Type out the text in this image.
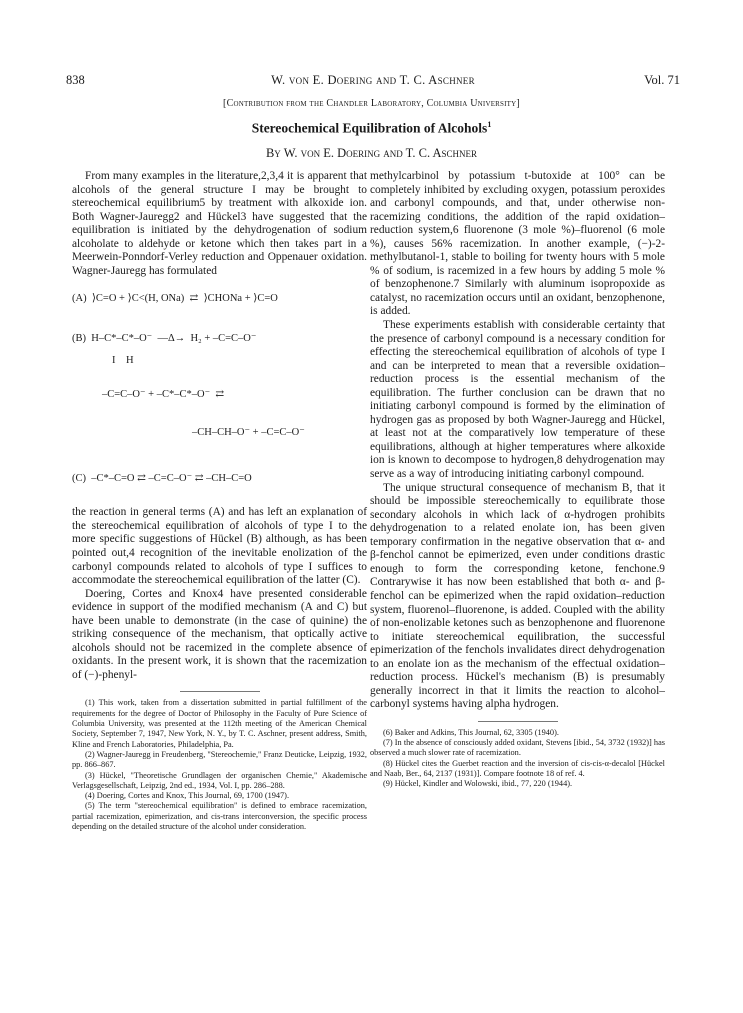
838	W. von E. Doering and T. C. Aschner	Vol. 71
[Contribution from the Chandler Laboratory, Columbia University]
Stereochemical Equilibration of Alcohols$^1$
By W. von E. Doering and T. C. Aschner

From many examples in the literature,2,3,4 it is apparent that alcohols of the general structure I may be brought to stereochemical equilibrium5 by treatment with alkoxide ion. Both Wagner-Jauregg2 and Hückel3 have suggested that the equilibration is initiated by the dehydrogenation of sodium alcoholate to aldehyde or ketone which then takes part in a Meerwein-Ponndorf-Verley reduction and Oppenauer oxidation. Wagner-Jauregg has formulated

(A)  ⟩C=O + ⟩C<(H, ONa)  ⇄  ⟩CHONa + ⟩C=O
(B)  H–C*–C*–O⁻  —Δ→  H₂ + –C=C–O⁻
I    H
–C=C–O⁻ + –C*–C*–O⁻  ⇄
–CH–CH–O⁻ + –C=C–O⁻
(C)  –C*–C=O ⇄ –C=C–O⁻ ⇄ –CH–C=O

the reaction in general terms (A) and has left an explanation of the stereochemical equilibration of alcohols of type I to the more specific suggestions of Hückel (B) although, as has been pointed out,4 recognition of the inevitable enolization of the carbonyl compounds related to alcohols of type I suffices to accommodate the stereochemical equilibration of the latter (C).

Doering, Cortes and Knox4 have presented considerable evidence in support of the modified mechanism (A and C) but have been unable to demonstrate (in the case of quinine) the striking consequence of the mechanism, that optically active alcohols should not be racemized in the complete absence of oxidants. In the present work, it is shown that the racemization of (−)-phenyl-

(1) This work, taken from a dissertation submitted in partial fulfillment of the requirements for the degree of Doctor of Philosophy in the Faculty of Pure Science of Columbia University, was presented at the 112th meeting of the American Chemical Society, September 7, 1947, New York, N. Y., by T. C. Aschner, present address, Smith, Kline and French Laboratories, Philadelphia, Pa.

(2) Wagner-Jauregg in Freudenberg, "Stereochemie," Franz Deuticke, Leipzig, 1932, pp. 866–867.

(3) Hückel, "Theoretische Grundlagen der organischen Chemie," Akademische Verlagsgesellschaft, Leipzig, 2nd ed., 1934, Vol. I, pp. 286–288.

(4) Doering, Cortes and Knox, This Journal, 69, 1700 (1947).

(5) The term "stereochemical equilibration" is defined to embrace racemization, partial racemization, epimerization, and cis-trans interconversion, the specific process depending on the detailed structure of the alcohol under consideration.

methylcarbinol by potassium t-butoxide at 100° can be completely inhibited by excluding oxygen, potassium peroxides and carbonyl compounds, and that, under otherwise non-racemizing conditions, the addition of the rapid oxidation–reduction system,6 fluorenone (3 mole %)–fluorenol (6 mole %), causes 56% racemization. In another example, (−)-2-methylbutanol-1, stable to boiling for twenty hours with 5 mole % of sodium, is racemized in a few hours by adding 5 mole % of benzophenone.7 Similarly with aluminum isopropoxide as catalyst, no racemization occurs until an oxidant, benzophenone, is added.

These experiments establish with considerable certainty that the presence of carbonyl compound is a necessary condition for effecting the stereochemical equilibration of alcohols of type I and can be interpreted to mean that a reversible oxidation–reduction process is the essential mechanism of the equilibration. The further conclusion can be drawn that no initiating carbonyl compound is formed by the elimination of hydrogen gas as proposed by both Wagner-Jauregg and Hückel, at least not at the comparatively low temperature of these equilibrations, although at higher temperatures where alkoxide ion is known to decompose to hydrogen,8 dehydrogenation may serve as a way of introducing initiating carbonyl compound.

The unique structural consequence of mechanism B, that it should be impossible stereochemically to equilibrate those secondary alcohols in which lack of α-hydrogen prohibits dehydrogenation to a related enolate ion, has been given temporary confirmation in the negative observation that α- and β-fenchol cannot be epimerized, even under conditions drastic enough to form the corresponding ketone, fenchone.9 Contrarywise it has now been established that both α- and β-fenchol can be epimerized when the rapid oxidation–reduction system, fluorenol–fluorenone, is added. Coupled with the ability of non-enolizable ketones such as benzophenone and fluorenone to initiate stereochemical equilibration, the successful epimerization of the fenchols invalidates direct dehydrogenation to an enolate ion as the mechanism of the effectual oxidation–reduction process. Hückel's mechanism (B) is presumably generally incorrect in that it limits the reaction to alcohol–carbonyl systems having alpha hydrogen.

(6) Baker and Adkins, This Journal, 62, 3305 (1940).

(7) In the absence of consciously added oxidant, Stevens [ibid., 54, 3732 (1932)] has observed a much slower rate of racemization.

(8) Hückel cites the Guerbet reaction and the inversion of cis-cis-α-decalol [Hückel and Naab, Ber., 64, 2137 (1931)]. Compare footnote 18 of ref. 4.

(9) Hückel, Kindler and Wolowski, ibid., 77, 220 (1944).
